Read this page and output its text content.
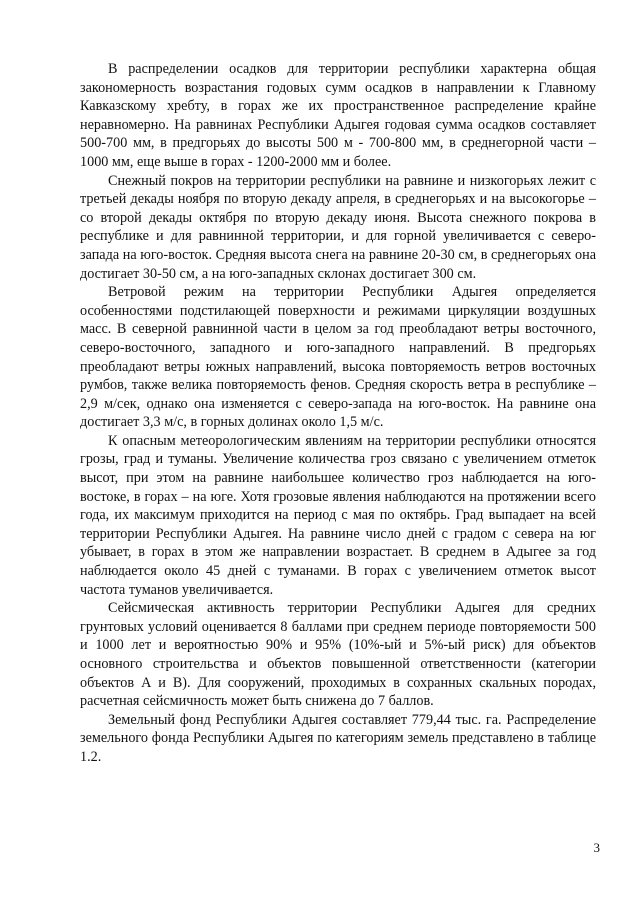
В распределении осадков для территории республики характерна общая закономерность возрастания годовых сумм осадков в направлении к Главному Кавказскому хребту, в горах же их пространственное распределение крайне неравномерно. На равнинах Республики Адыгея годовая сумма осадков составляет 500-700 мм, в предгорьях до высоты 500 м - 700-800 мм, в среднегорной части – 1000 мм, еще выше в горах - 1200-2000 мм и более.

Снежный покров на территории республики на равнине и низкогорьях лежит с третьей декады ноября по вторую декаду апреля, в среднегорьях и на высокогорье – со второй декады октября по вторую декаду июня. Высота снежного покрова в республике и для равнинной территории, и для горной увеличивается с северо-запада на юго-восток. Средняя высота снега на равнине 20-30 см, в среднегорьях она достигает 30-50 см, а на юго-западных склонах достигает 300 см.

Ветровой режим на территории Республики Адыгея определяется особенностями подстилающей поверхности и режимами циркуляции воздушных масс. В северной равнинной части в целом за год преобладают ветры восточного, северо-восточного, западного и юго-западного направлений. В предгорьях преобладают ветры южных направлений, высока повторяемость ветров восточных румбов, также велика повторяемость фенов. Средняя скорость ветра в республике – 2,9 м/сек, однако она изменяется с северо-запада на юго-восток. На равнине она достигает 3,3 м/с, в горных долинах около 1,5 м/с.

К опасным метеорологическим явлениям на территории республики относятся грозы, град и туманы. Увеличение количества гроз связано с увеличением отметок высот, при этом на равнине наибольшее количество гроз наблюдается на юго-востоке, в горах – на юге. Хотя грозовые явления наблюдаются на протяжении всего года, их максимум приходится на период с мая по октябрь. Град выпадает на всей территории Республики Адыгея. На равнине число дней с градом с севера на юг убывает, в горах в этом же направлении возрастает. В среднем в Адыгее за год наблюдается около 45 дней с туманами. В горах с увеличением отметок высот частота туманов увеличивается.

Сейсмическая активность территории Республики Адыгея для средних грунтовых условий оценивается 8 баллами при среднем периоде повторяемости 500 и 1000 лет и вероятностью 90% и 95% (10%-ый и 5%-ый риск) для объектов основного строительства и объектов повышенной ответственности (категории объектов А и В). Для сооружений, проходимых в сохранных скальных породах, расчетная сейсмичность может быть снижена до 7 баллов.

Земельный фонд Республики Адыгея составляет 779,44 тыс. га. Распределение земельного фонда Республики Адыгея по категориям земель представлено в таблице 1.2.

3
